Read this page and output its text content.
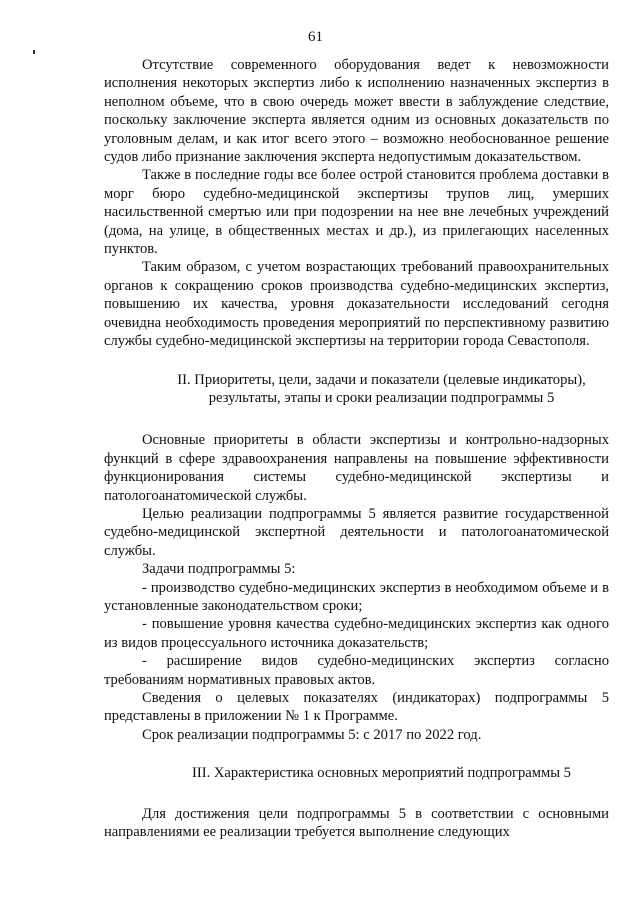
61

Отсутствие современного оборудования ведет к невозможности исполнения некоторых экспертиз либо к исполнению назначенных экспертиз в неполном объеме, что в свою очередь может ввести в заблуждение следствие, поскольку заключение эксперта является одним из основных доказательств по уголовным делам, и как итог всего этого – возможно необоснованное решение судов либо признание заключения эксперта недопустимым доказательством.

Также в последние годы все более острой становится проблема доставки в морг бюро судебно-медицинской экспертизы трупов лиц, умерших насильственной смертью или при подозрении на нее вне лечебных учреждений (дома, на улице, в общественных местах и др.), из прилегающих населенных пунктов.

Таким образом, с учетом возрастающих требований правоохранительных органов к сокращению сроков производства судебно-медицинских экспертиз, повышению их качества, уровня доказательности исследований сегодня очевидна необходимость проведения мероприятий по перспективному развитию службы судебно-медицинской экспертизы на территории города Севастополя.

II. Приоритеты, цели, задачи и показатели (целевые индикаторы), результаты, этапы и сроки реализации подпрограммы 5

Основные приоритеты в области экспертизы и контрольно-надзорных функций в сфере здравоохранения направлены на повышение эффективности функционирования системы судебно-медицинской экспертизы и патологоанатомической службы.

Целью реализации подпрограммы 5 является развитие государственной судебно-медицинской экспертной деятельности и патологоанатомической службы.

Задачи подпрограммы 5:

- производство судебно-медицинских экспертиз в необходимом объеме и в установленные законодательством сроки;

- повышение уровня качества судебно-медицинских экспертиз как одного из видов процессуального источника доказательств;

- расширение видов судебно-медицинских экспертиз согласно требованиям нормативных правовых актов.

Сведения о целевых показателях (индикаторах) подпрограммы 5 представлены в приложении № 1 к Программе.

Срок реализации подпрограммы 5: с 2017 по 2022 год.

III. Характеристика основных мероприятий подпрограммы 5

Для достижения цели подпрограммы 5 в соответствии с основными направлениями ее реализации требуется выполнение следующих
